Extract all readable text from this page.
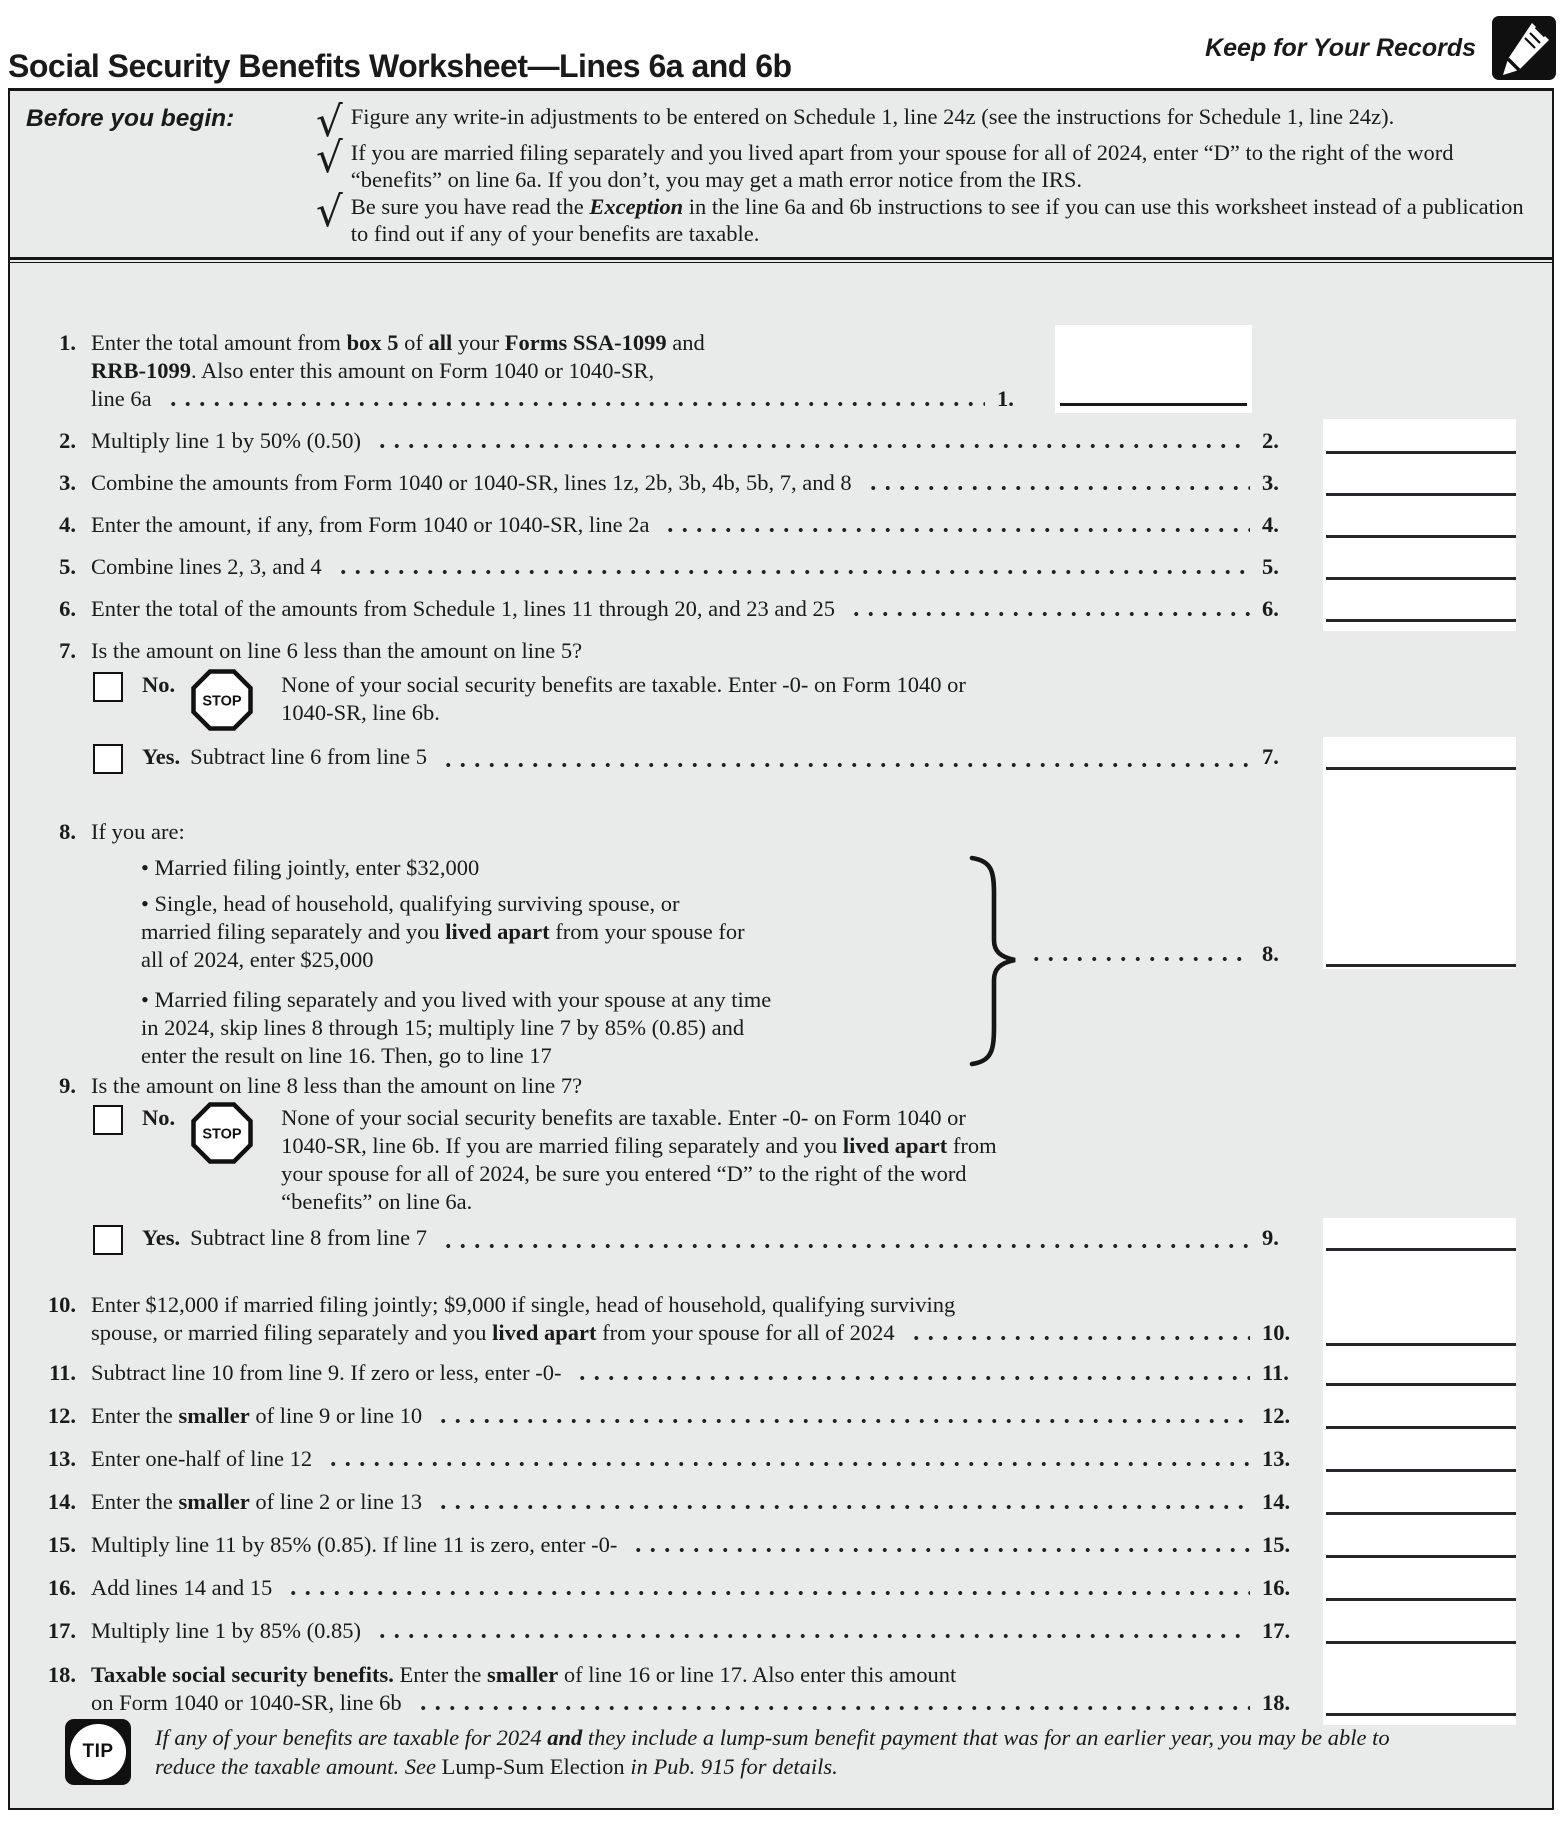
Social Security Benefits Worksheet—Lines 6a and 6b	Keep for Your Records
Before you begin:	√ Figure any write-in adjustments to be entered on Schedule 1, line 24z (see the instructions for Schedule 1, line 24z).
√ If you are married filing separately and you lived apart from your spouse for all of 2024, enter “D” to the right of the word “benefits” on line 6a. If you don’t, you may get a math error notice from the IRS.
√ Be sure you have read the Exception in the line 6a and 6b instructions to see if you can use this worksheet instead of a publication to find out if any of your benefits are taxable.
1. Enter the total amount from box 5 of all your Forms SSA-1099 and
RRB-1099. Also enter this amount on Form 1040 or 1040-SR,
line 6a	1.
2. Multiply line 1 by 50% (0.50)	2.
3. Combine the amounts from Form 1040 or 1040-SR, lines 1z, 2b, 3b, 4b, 5b, 7, and 8	3.
4. Enter the amount, if any, from Form 1040 or 1040-SR, line 2a	4.
5. Combine lines 2, 3, and 4	5.
6. Enter the total of the amounts from Schedule 1, lines 11 through 20, and 23 and 25	6.
7. Is the amount on line 6 less than the amount on line 5?
No.
STOP
None of your social security benefits are taxable. Enter -0- on Form 1040 or
1040-SR, line 6b.
Yes. Subtract line 6 from line 5	7.
8. If you are:
• Married filing jointly, enter $32,000
• Single, head of household, qualifying surviving spouse, or
married filing separately and you lived apart from your spouse for
all of 2024, enter $25,000
• Married filing separately and you lived with your spouse at any time
in 2024, skip lines 8 through 15; multiply line 7 by 85% (0.85) and
enter the result on line 16. Then, go to line 17
8.
9. Is the amount on line 8 less than the amount on line 7?
No.
STOP
None of your social security benefits are taxable. Enter -0- on Form 1040 or
1040-SR, line 6b. If you are married filing separately and you lived apart from
your spouse for all of 2024, be sure you entered “D” to the right of the word
“benefits” on line 6a.
Yes. Subtract line 8 from line 7	9.
10. Enter $12,000 if married filing jointly; $9,000 if single, head of household, qualifying surviving
spouse, or married filing separately and you lived apart from your spouse for all of 2024	10.
11. Subtract line 10 from line 9. If zero or less, enter -0-	11.
12. Enter the smaller of line 9 or line 10	12.
13. Enter one-half of line 12	13.
14. Enter the smaller of line 2 or line 13	14.
15. Multiply line 11 by 85% (0.85). If line 11 is zero, enter -0-	15.
16. Add lines 14 and 15	16.
17. Multiply line 1 by 85% (0.85)	17.
18. Taxable social security benefits. Enter the smaller of line 16 or line 17. Also enter this amount
on Form 1040 or 1040-SR, line 6b	18.
TIP
If any of your benefits are taxable for 2024 and they include a lump-sum benefit payment that was for an earlier year, you may be able to reduce the taxable amount. See Lump-Sum Election in Pub. 915 for details.
